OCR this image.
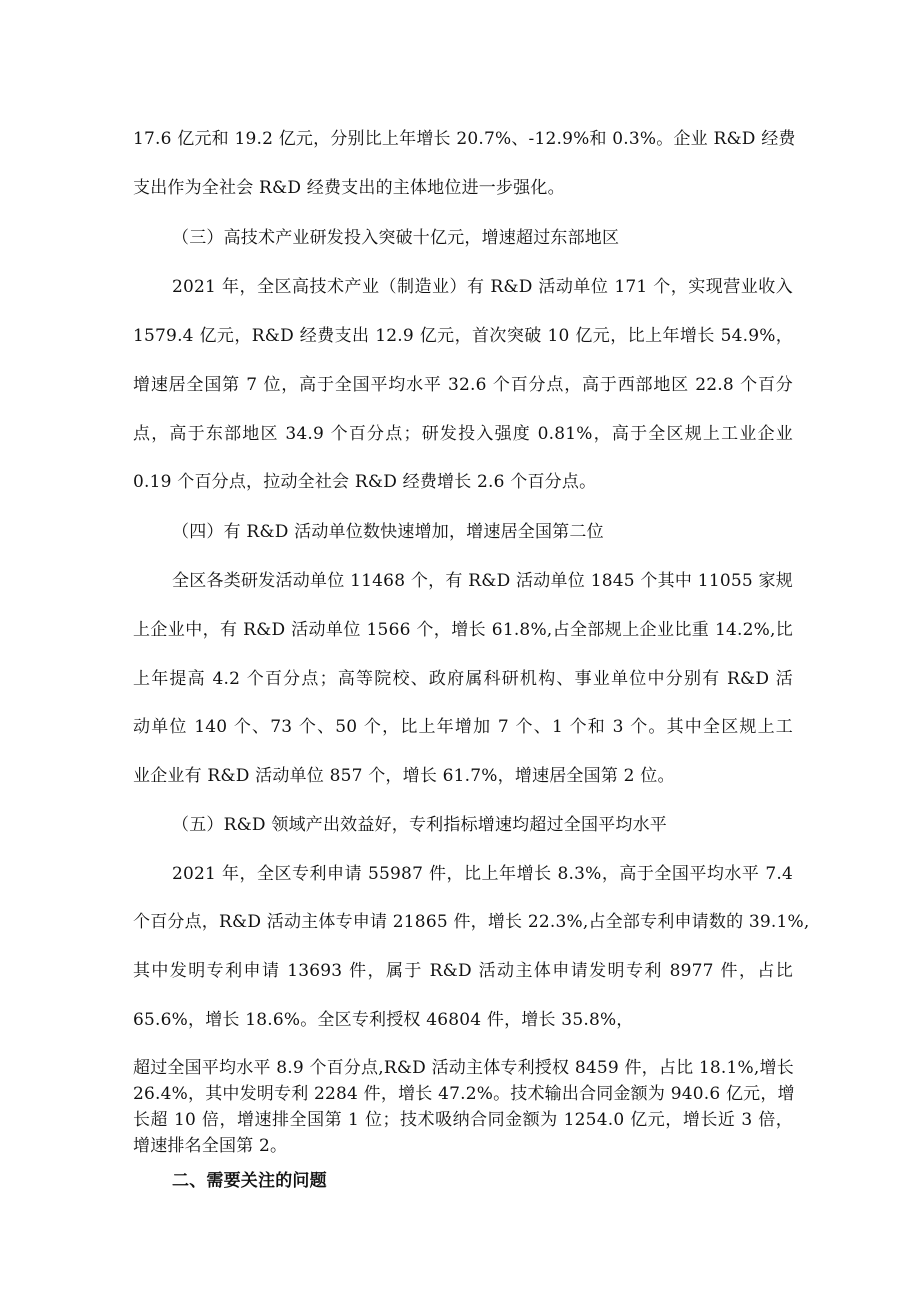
17.6 亿元和 19.2 亿元，分别比上年增长 20.7%、-12.9%和 0.3%。企业 R&D 经费
支出作为全社会 R&D 经费支出的主体地位进一步强化。
（三）高技术产业研发投入突破十亿元，增速超过东部地区
2021 年，全区高技术产业（制造业）有 R&D 活动单位 171 个，实现营业收入
1579.4 亿元，R&D 经费支出 12.9 亿元，首次突破 10 亿元，比上年增长 54.9%，
增速居全国第 7 位，高于全国平均水平 32.6 个百分点，高于西部地区 22.8 个百分
点，高于东部地区 34.9 个百分点；研发投入强度 0.81%，高于全区规上工业企业
0.19 个百分点，拉动全社会 R&D 经费增长 2.6 个百分点。
（四）有 R&D 活动单位数快速增加，增速居全国第二位
全区各类研发活动单位 11468 个，有 R&D 活动单位 1845 个其中 11055 家规
上企业中，有 R&D 活动单位 1566 个，增长 61.8%,占全部规上企业比重 14.2%,比
上年提高 4.2 个百分点；高等院校、政府属科研机构、事业单位中分别有 R&D 活
动单位 140 个、73 个、50 个，比上年增加 7 个、1 个和 3 个。其中全区规上工
业企业有 R&D 活动单位 857 个，增长 61.7%，增速居全国第 2 位。
（五）R&D 领域产出效益好，专利指标增速均超过全国平均水平
2021 年，全区专利申请 55987 件，比上年增长 8.3%，高于全国平均水平 7.4
个百分点，R&D 活动主体专申请 21865 件，增长 22.3%,占全部专利申请数的 39.1%,
其中发明专利申请 13693 件，属于 R&D 活动主体申请发明专利 8977 件，占比
65.6%，增长 18.6%。全区专利授权 46804 件，增长 35.8%，
超过全国平均水平 8.9 个百分点,R&D 活动主体专利授权 8459 件，占比 18.1%,增长
26.4%，其中发明专利 2284 件，增长 47.2%。技术输出合同金额为 940.6 亿元，增
长超 10 倍，增速排全国第 1 位；技术吸纳合同金额为 1254.0 亿元，增长近 3 倍，
增速排名全国第 2。
二、需要关注的问题
